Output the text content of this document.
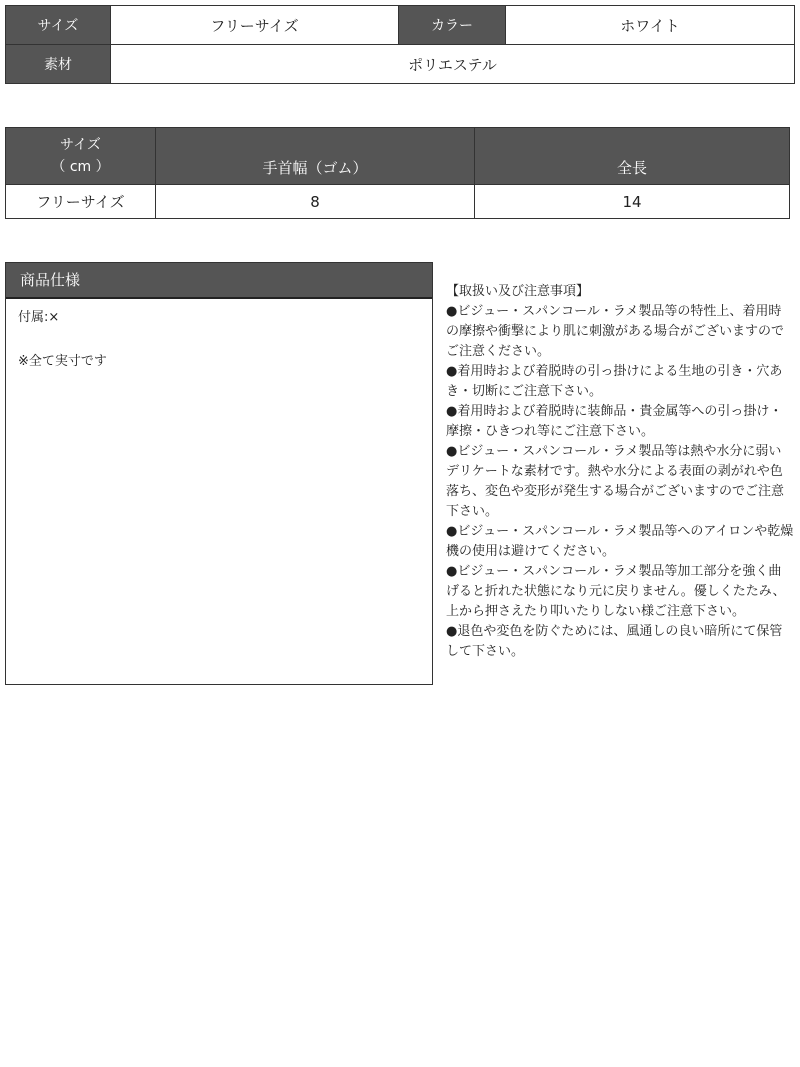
サイズ	フリーサイズ	カラー	ホワイト
素材	ポリエステル		
サイズ
（ cm ）	手首幅（ゴム）	全長
フリーサイズ	8	14
商品仕様

付属:×

※全て実寸です

【取扱い及び注意事項】

●ビジュー・スパンコール・ラメ製品等の特性上、着用時の摩擦や衝撃により肌に刺激がある場合がございますのでご注意ください。

●着用時および着脱時の引っ掛けによる生地の引き・穴あき・切断にご注意下さい。

●着用時および着脱時に装飾品・貴金属等への引っ掛け・摩擦・ひきつれ等にご注意下さい。

●ビジュー・スパンコール・ラメ製品等は熱や水分に弱いデリケートな素材です。熱や水分による表面の剥がれや色落ち、変色や変形が発生する場合がございますのでご注意下さい。

●ビジュー・スパンコール・ラメ製品等へのアイロンや乾燥機の使用は避けてください。

●ビジュー・スパンコール・ラメ製品等加工部分を強く曲げると折れた状態になり元に戻りません。優しくたたみ、上から押さえたり叩いたりしない様ご注意下さい。

●退色や変色を防ぐためには、風通しの良い暗所にて保管して下さい。
